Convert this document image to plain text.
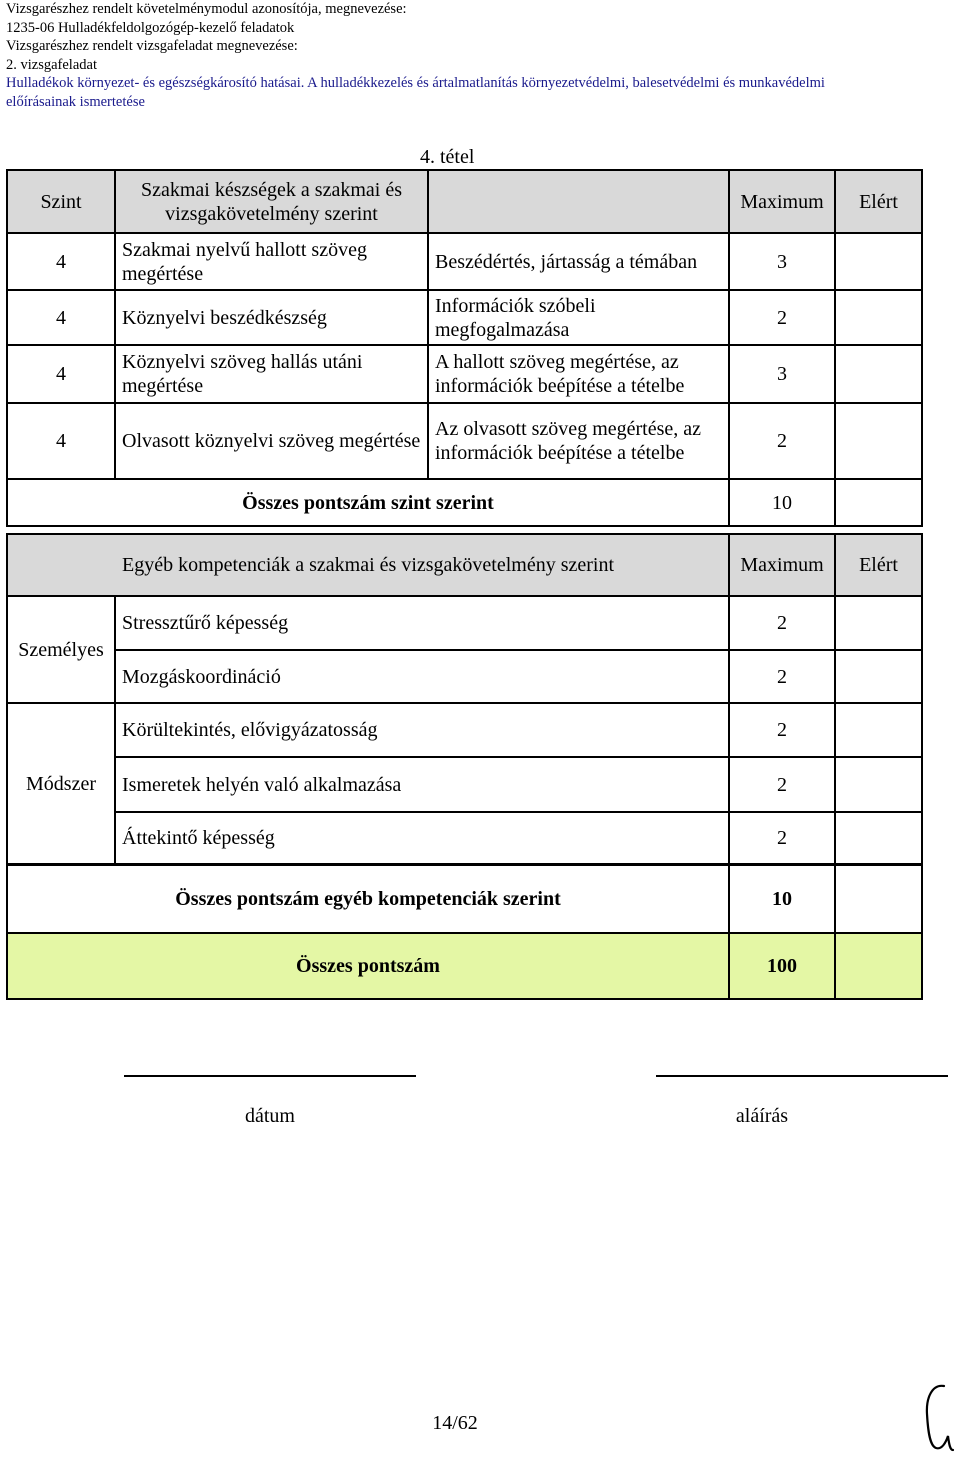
Vizsgarészhez rendelt követelménymodul azonosítója, megnevezése:
1235-06 Hulladékfeldolgozógép-kezelő feladatok
Vizsgarészhez rendelt vizsgafeladat megnevezése:
2. vizsgafeladat
Hulladékok környezet- és egészségkárosító hatásai. A hulladékkezelés és ártalmatlanítás környezetvédelmi, balesetvédelmi és munkavédelmi
előírásainak ismertetése
4. tétel
Szint	Szakmai készségek a szakmai és vizsgakövetelmény szerint		Maximum	Elért
4	Szakmai nyelvű hallott szöveg megértése	Beszédértés, jártasság a témában	3	
4	Köznyelvi beszédkészség	Információk szóbeli megfogalmazása	2	
4	Köznyelvi szöveg hallás utáni megértése	A hallott szöveg megértése, az információk beépítése a tételbe	3	
4	Olvasott köznyelvi szöveg megértése	Az olvasott szöveg megértése, az információk beépítése a tételbe	2	
Összes pontszám szint szerint			10	
Egyéb kompetenciák a szakmai és vizsgakövetelmény szerint			Maximum	Elért
Személyes	Stressztűrő képesség		2	
	Mozgáskoordináció		2	
Módszer	Körültekintés, elővigyázatosság		2	
	Ismeretek helyén való alkalmazása		2	
	Áttekintő képesség		2	
Összes pontszám egyéb kompetenciák szerint	10	
Összes pontszám	100	
dátum	aláírás
14/62
